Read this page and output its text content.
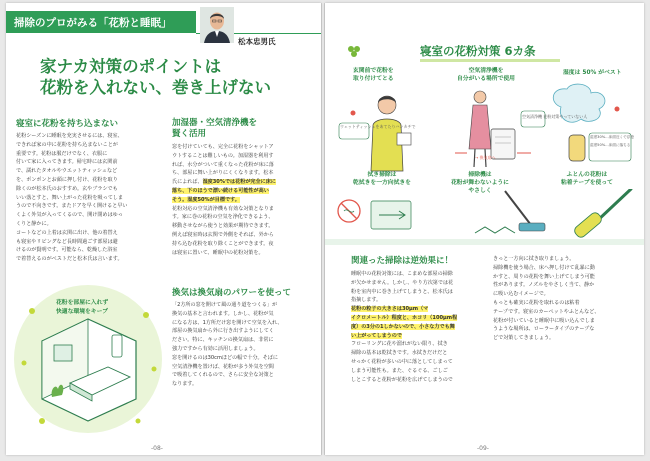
掃除のプロがみる「花粉と睡眠」
松本忠男氏
家ナカ対策のポイントは
花粉を入れない、巻き上げない
寝室に花粉を持ち込まない
花粉シーズンに睡眠を充実させるには、寝室、
できれば家の中に花粉を持ち込まないことが
重要です。花粉は服だけでなく、衣服に
付いて家に入ってきます。帰宅時には玄関前
で、濡れたタオルやウエットティッシュなど
を、ポンポンとお顔に押し付け、花粉を取り
除くのが松本氏のおすすめ。玄やブラシでも
いい落とすと、舞い上がった花粉を吸ってしま
うので不向きです。またドアを早く開けると早い
くよく外気が入ってくるので、開け閉めはゆっ
くりと静かに。
コートなどの上着は玄関に出け、他の着替え
も寝室やリビングなど長時間過ごす部屋は避
けるのが賢明です。可能なら、乾燥した浴室
で着替えるのがベストだと松本氏は言います。
加湿器・空気清浄機を
賢く活用
窓を付けていても、完全に花粉をシャットア
ウトすることは難しいもの。加湿器を利用す
れば、水分がついて重くなった花粉が床に落
ち、部屋に舞い上がりにくくなります。松本
氏によれば、湿度30%では花粉が完全に床に
落ち、下のほうで漂い続ける可能性が高い
そう。湿度50%が目標です。
花粉対応の空気清浄機も有効な対策となりま
す。家に巻の花粉の空気を浄化できるよう、
移動させながら使うと効果が期待できます。
例えば寝室時は玄関で外側をそれば、外から
持ち込む花粉を取り除くことができます。夜
は寝室に置いて、睡眠中の花粉対策を。
換気は換気扇のパワーを使って
「2方所の窓を開けて風の通り道をつくる」が
換気の基本と言われます。しかし、花粉が気
になる方は、1方所だけ窓を開けて空気を入れ、
部屋の換気扇から外に行き出すようにしてく
ださい。特に、キッチンの換気扇は、非常に
強力ですから有効に活用しましょう。
窓を開けるのは30cmほどの幅で十分。そばに
空気清浄機を置けば、花粉が多う外気を空間
で吸着してくれるので、さらに安全な対策と
なります。
花粉を部屋に入れず
快適な環境をキープ
-08-
寝室の花粉対策 6カ条
玄関前で花粉を
取り付けてとる
空気清浄機を
自分がいる場所で使用
湿度は 50% がベスト
ウェットティッシュをあてたりハンカチで
空気清浄機 花粉対策やっていない人
湿度30%…床面近くで浮遊
湿度50%…床面に落ちる
→ 換気扇へ
拭き掃除は
乾拭きを一方向拭きを
掃除機は
花粉が舞わないように
やさしく
ふとんの花粉は
粘着テープを使って
関連った掃除は逆効果に！
睡眠中の花粉対策には、こまめな部屋の掃除
が欠かせません。しかし、やり方次第では花
粉を室内中に巻き上げてしまうと、松本氏は
指摘します。
花粉の粒子の大きさは30μm（マ
イクロメートル）程度と、ホコリ（100μm程
度）の3分の1しかないので、小さな力でも舞
い上がってしまうので
フローリングに花や溜れがない限り、拭き
掃除の基本は乾拭きです。水拭きだけだと
せっかく花粉が多いの中に落としてしまって
しまう可能性も。また、ぐるぐる、ごしご
しとこすると花粉が花粉を広げてしまうので
きっと一方向に拭き取りましょう。
掃除機を使う場合、床へ押し付けて乱暴に動
かすと、周りの花粉を舞い上げてしまう可能
性があります。ノズルをやさしく当て、静か
に吸い込むイメージで。
もっとも確実に花粉を取れるのは粘着
テープです。寝室のカーペットやふとんなど、
花粉が付いていると睡眠中に吸い込んでしま
うような場所は、ローラータイプのテープな
どで対策してきましょう。
-09-
